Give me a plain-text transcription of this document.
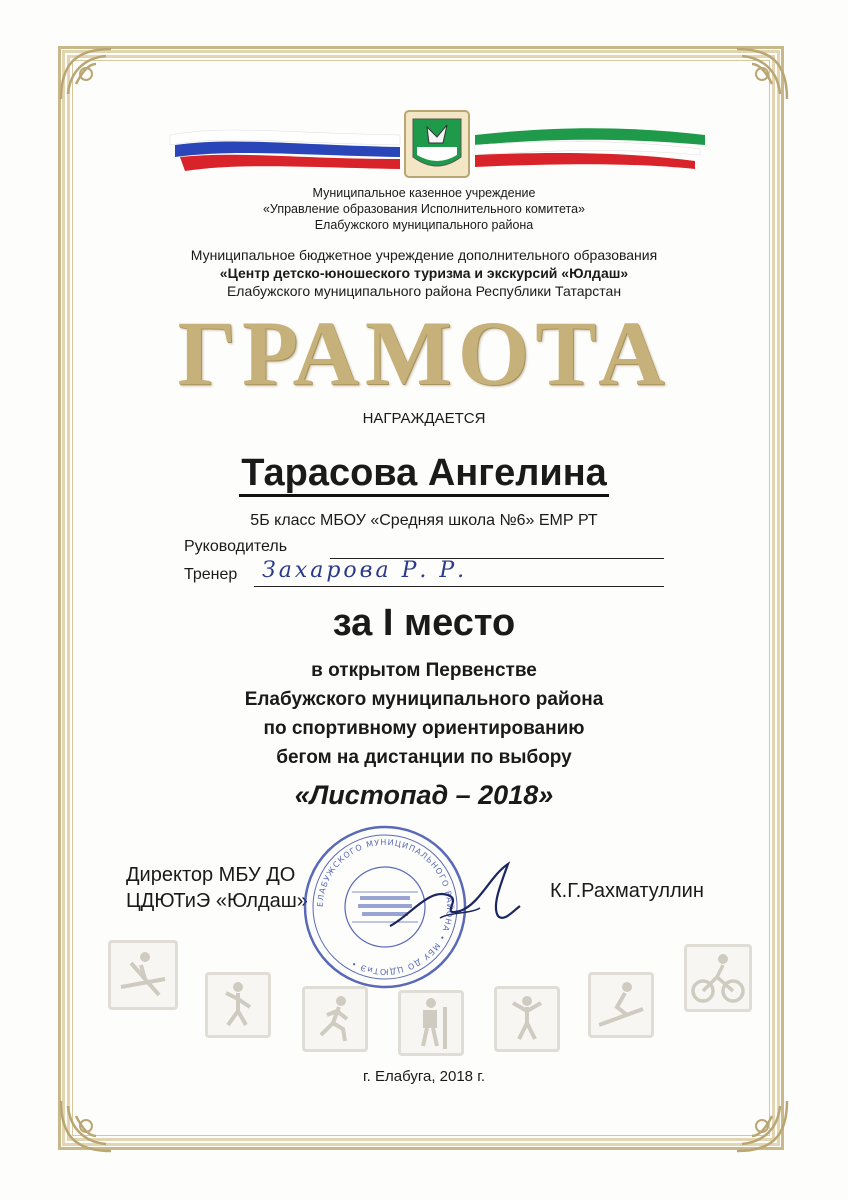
Муниципальное казенное учреждение
«Управление образования Исполнительного комитета»
Елабужского муниципального района
Муниципальное бюджетное учреждение дополнительного образования
«Центр детско-юношеского туризма и экскурсий «Юлдаш»
Елабужского муниципального района Республики Татарстан
ГРАМОТА
НАГРАЖДАЕТСЯ
Тарасова Ангелина
5Б класс МБОУ «Средняя школа №6» ЕМР РТ
Руководитель
Тренер Захарова Р. Р.
за I место
в открытом Первенстве
Елабужского муниципального района
по спортивному ориентированию
бегом на дистанции по выбору
«Листопад – 2018»
Директор МБУ ДО
ЦДЮТиЭ «Юлдаш»	К.Г.Рахматуллин
ЕЛАБУЖСКОГО МУНИЦИПАЛЬНОГО РАЙОНА • МБУ ДО ЦДЮТиЭ •
г. Елабуга, 2018 г.
